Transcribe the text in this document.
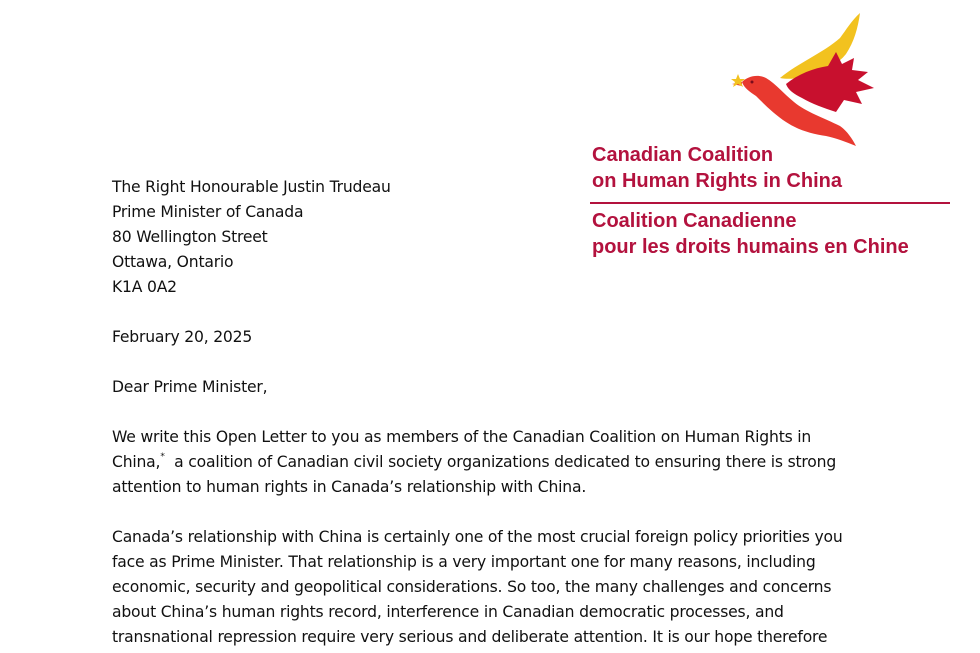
Canadian Coalition
on Human Rights in China
Coalition Canadienne
pour les droits humains en Chine
The Right Honourable Justin Trudeau
Prime Minister of Canada
80 Wellington Street
Ottawa, Ontario
K1A 0A2
February 20, 2025
Dear Prime Minister,
We write this Open Letter to you as members of the Canadian Coalition on Human Rights in
China,*  a coalition of Canadian civil society organizations dedicated to ensuring there is strong
attention to human rights in Canada’s relationship with China.
Canada’s relationship with China is certainly one of the most crucial foreign policy priorities you
face as Prime Minister. That relationship is a very important one for many reasons, including
economic, security and geopolitical considerations. So too, the many challenges and concerns
about China’s human rights record, interference in Canadian democratic processes, and
transnational repression require very serious and deliberate attention. It is our hope therefore
